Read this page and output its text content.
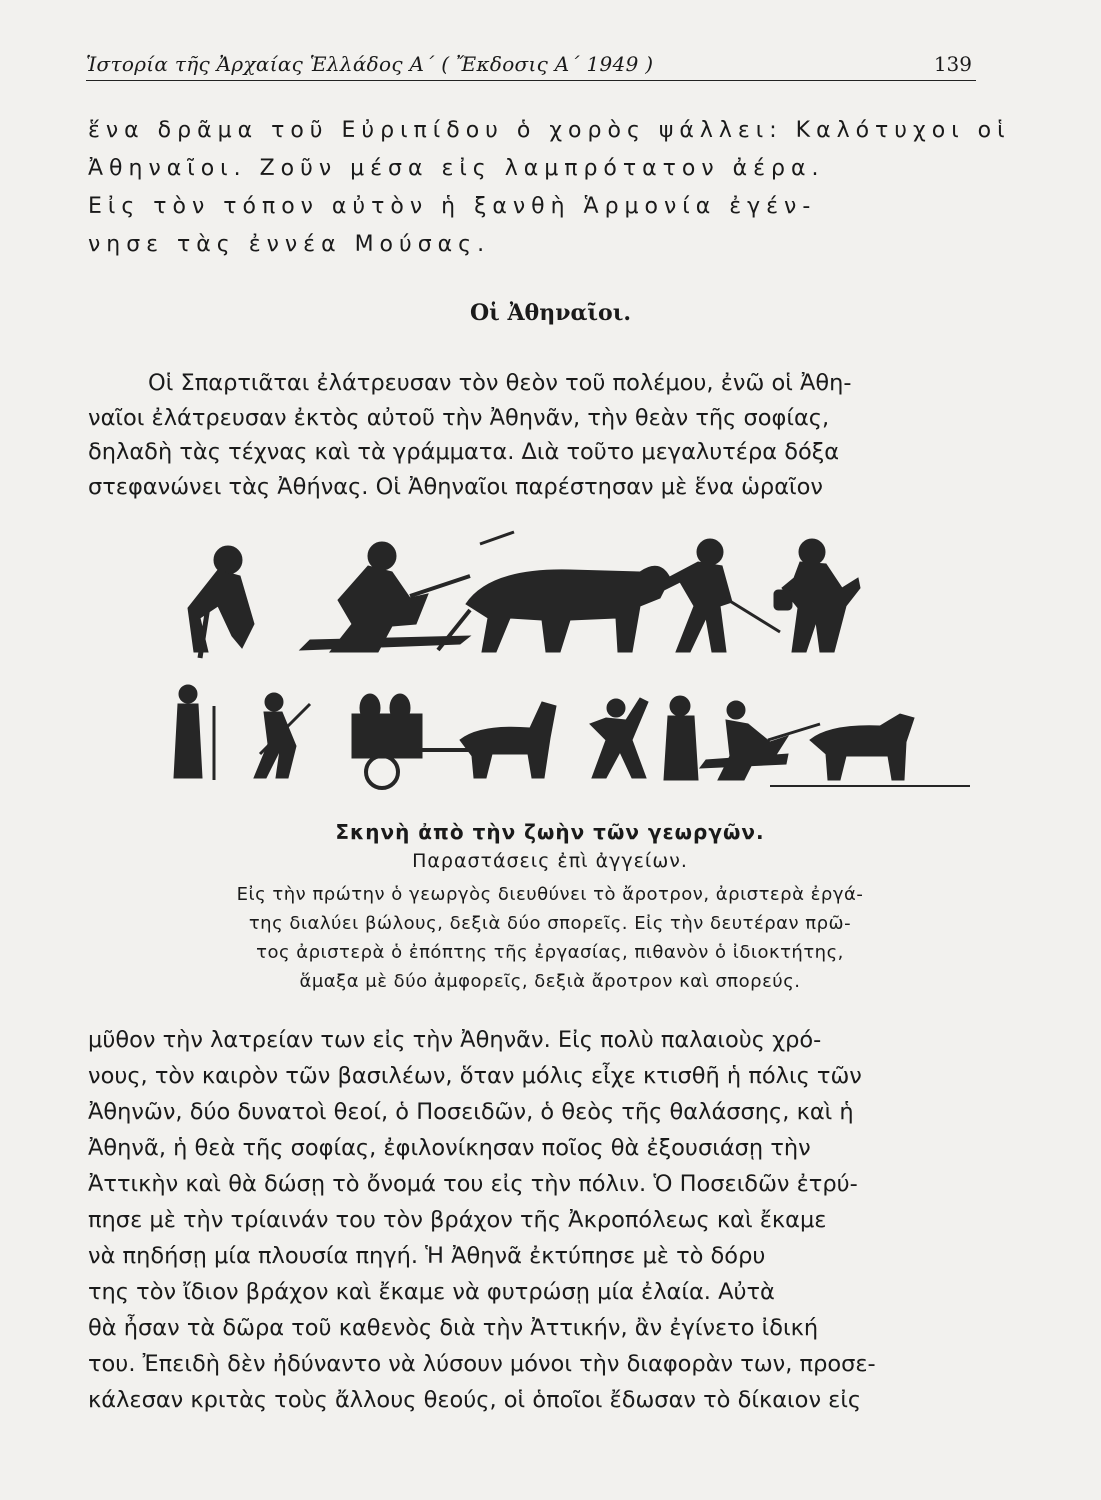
Ἱστορία τῆς Ἀρχαίας Ἑλλάδος Α΄ ( Ἔκδοσις Α΄ 1949 )	139
ἕνα δρᾶμα τοῦ Εὐριπίδου ὁ χορὸς ψάλλει: Καλότυχοι οἱ
Ἀθηναῖοι. Ζοῦν μέσα εἰς λαμπρότατον ἀέρα.
Εἰς τὸν τόπον αὐτὸν ἡ ξανθὴ Ἁρμονία ἐγέν-
νησε τὰς ἐννέα Μούσας.
Οἱ Ἀθηναῖοι.
Οἱ Σπαρτιᾶται ἐλάτρευσαν τὸν θεὸν τοῦ πολέμου, ἐνῶ οἱ Ἀθη-
ναῖοι ἐλάτρευσαν ἐκτὸς αὐτοῦ τὴν Ἀθηνᾶν, τὴν θεὰν τῆς σοφίας,
δηλαδὴ τὰς τέχνας καὶ τὰ γράμματα. Διὰ τοῦτο μεγαλυτέρα δόξα
στεφανώνει τὰς Ἀθήνας. Οἱ Ἀθηναῖοι παρέστησαν μὲ ἕνα ὡραῖον
Σκηνὴ ἀπὸ τὴν ζωὴν τῶν γεωργῶν.
Παραστάσεις ἐπὶ ἀγγείων.
Εἰς τὴν πρώτην ὁ γεωργὸς διευθύνει τὸ ἄροτρον, ἀριστερὰ ἐργά-
της διαλύει βώλους, δεξιὰ δύο σπορεῖς. Εἰς τὴν δευτέραν πρῶ-
τος ἀριστερὰ ὁ ἐπόπτης τῆς ἐργασίας, πιθανὸν ὁ ἰδιοκτήτης,
ἅμαξα μὲ δύο ἀμφορεῖς, δεξιὰ ἄροτρον καὶ σπορεύς.
μῦθον τὴν λατρείαν των εἰς τὴν Ἀθηνᾶν. Εἰς πολὺ παλαιοὺς χρό-
νους, τὸν καιρὸν τῶν βασιλέων, ὅταν μόλις εἶχε κτισθῆ ἡ πόλις τῶν
Ἀθηνῶν, δύο δυνατοὶ θεοί, ὁ Ποσειδῶν, ὁ θεὸς τῆς θαλάσσης, καὶ ἡ
Ἀθηνᾶ, ἡ θεὰ τῆς σοφίας, ἐφιλονίκησαν ποῖος θὰ ἐξουσιάσῃ τὴν
Ἀττικὴν καὶ θὰ δώσῃ τὸ ὄνομά του εἰς τὴν πόλιν. Ὁ Ποσειδῶν ἐτρύ-
πησε μὲ τὴν τρίαινάν του τὸν βράχον τῆς Ἀκροπόλεως καὶ ἔκαμε
νὰ πηδήσῃ μία πλουσία πηγή. Ἡ Ἀθηνᾶ ἐκτύπησε μὲ τὸ δόρυ
της τὸν ἴδιον βράχον καὶ ἔκαμε νὰ φυτρώσῃ μία ἐλαία. Αὐτὰ
θὰ ἦσαν τὰ δῶρα τοῦ καθενὸς διὰ τὴν Ἀττικήν, ἂν ἐγίνετο ἰδική
του. Ἐπειδὴ δὲν ἠδύναντο νὰ λύσουν μόνοι τὴν διαφορὰν των, προσε-
κάλεσαν κριτὰς τοὺς ἄλλους θεούς, οἱ ὁποῖοι ἔδωσαν τὸ δίκαιον εἰς
